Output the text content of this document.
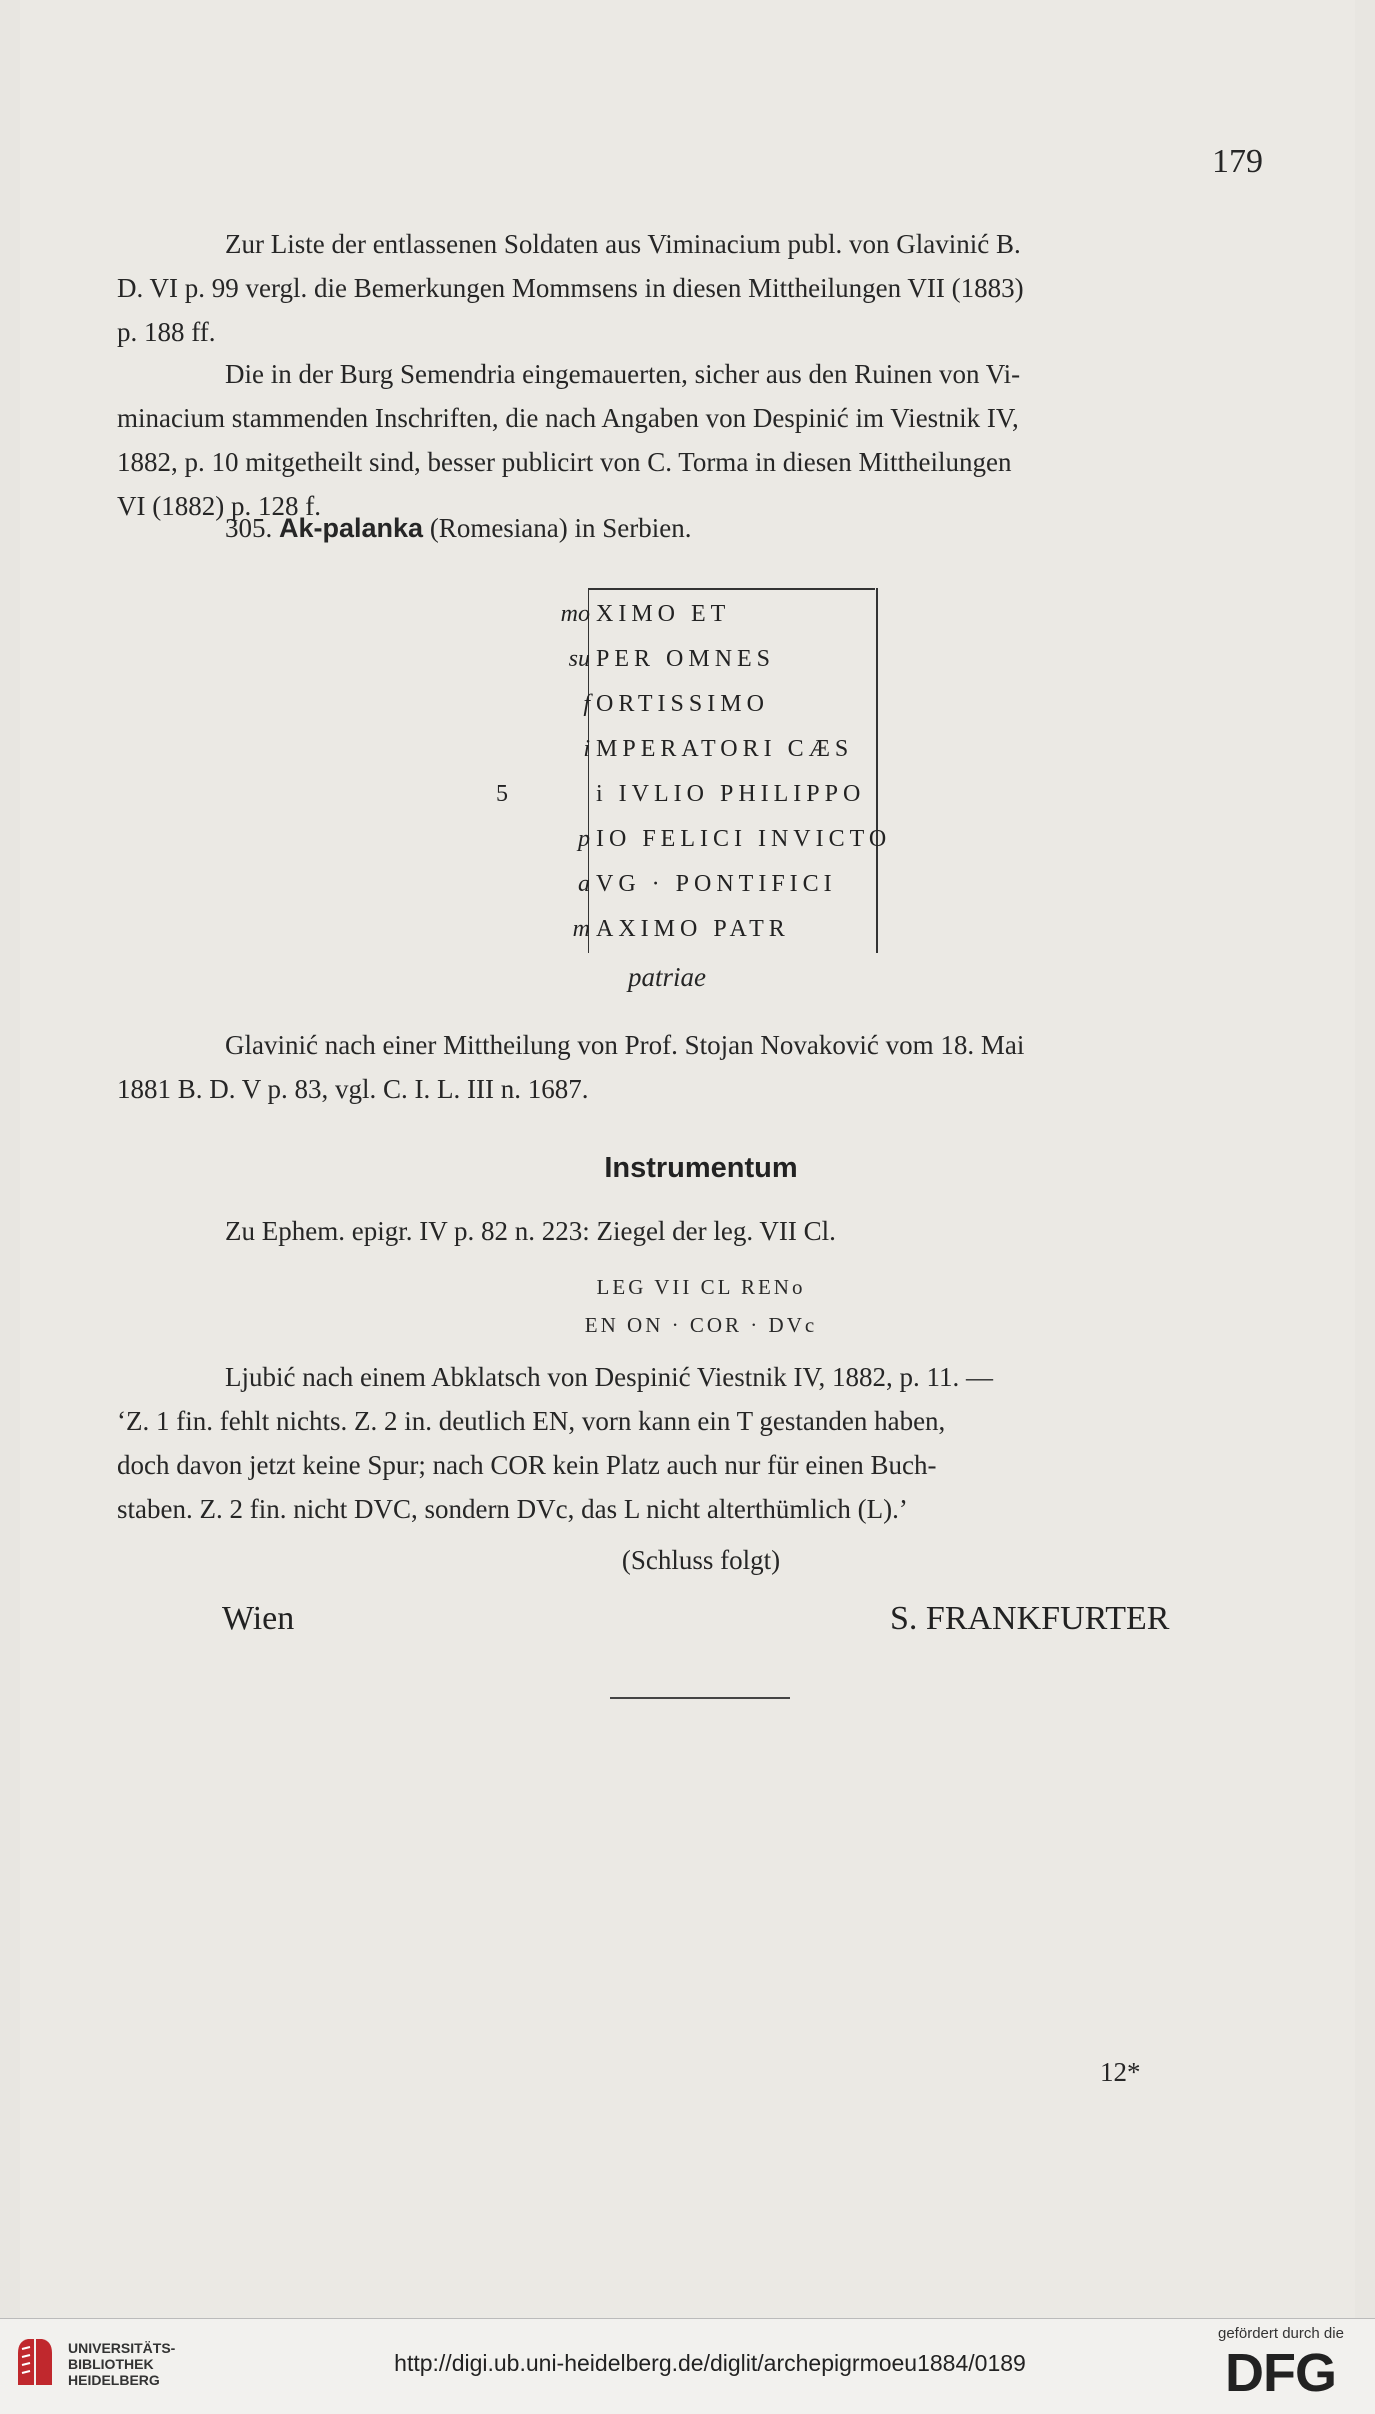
179
Zur Liste der entlassenen Soldaten aus Viminacium publ. von Glavinić B.
D. VI p. 99 vergl. die Bemerkungen Mommsens in diesen Mittheilungen VII (1883)
p. 188 ff.
Die in der Burg Semendria eingemauerten, sicher aus den Ruinen von Vi-
minacium stammenden Inschriften, die nach Angaben von Despinić im Viestnik IV,
1882, p. 10 mitgetheilt sind, besser publicirt von C. Torma in diesen Mittheilungen
VI (1882) p. 128 f.
305. Ak-palanka (Romesiana) in Serbien.
mo XIMO ET
su PER OMNES
f ORTISSIMO
i MPERATORI CÆS
5	i IVLIO PHILIPPO
p IO FELICI INVICTO
a VG · PONTIFICI
m AXIMO PATR
patriae
Glavinić nach einer Mittheilung von Prof. Stojan Novaković vom 18. Mai
1881 B. D. V p. 83, vgl. C. I. L. III n. 1687.
Instrumentum
Zu Ephem. epigr. IV p. 82 n. 223: Ziegel der leg. VII Cl.
LEG VII CL RENo
EN ON · COR · DVc
Ljubić nach einem Abklatsch von Despinić Viestnik IV, 1882, p. 11. —
‘Z. 1 fin. fehlt nichts. Z. 2 in. deutlich EN, vorn kann ein T gestanden haben,
doch davon jetzt keine Spur; nach COR kein Platz auch nur für einen Buch-
staben. Z. 2 fin. nicht DVC, sondern DVc, das L nicht alterthümlich (L).’
(Schluss folgt)
Wien	S. FRANKFURTER
12*
UNIVERSITÄTS-
BIBLIOTHEK
HEIDELBERG
http://digi.ub.uni-heidelberg.de/diglit/archepigrmoeu1884/0189
gefördert durch die
DFG
